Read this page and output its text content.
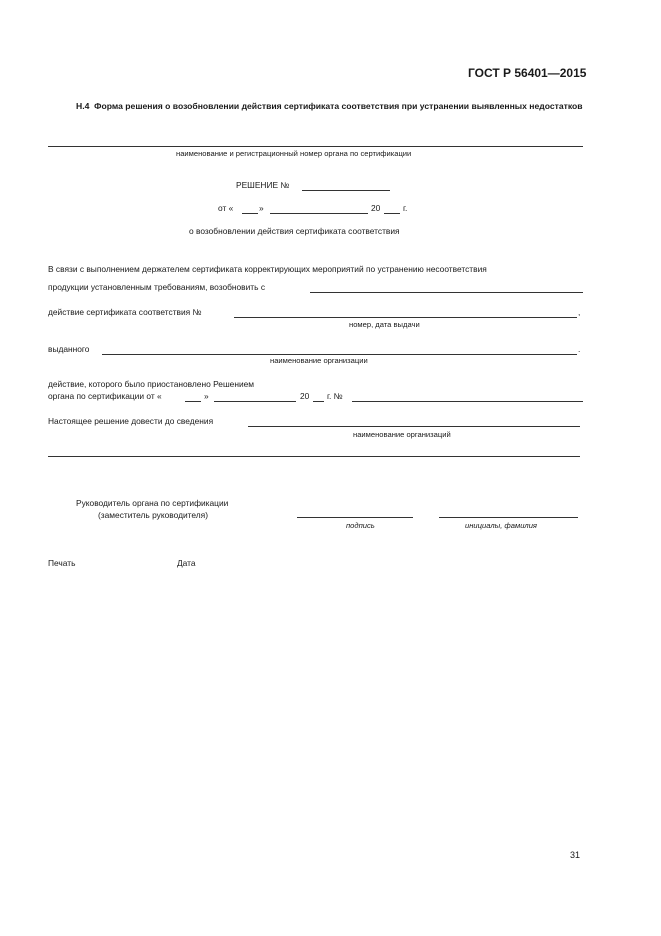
ГОСТ Р 56401—2015
Н.4 Форма решения о возобновлении действия сертификата соответствия при устранении выявленных недостатков
наименование и регистрационный номер органа по сертификации
РЕШЕНИЕ №
от «	»	20	г.
о возобновлении действия сертификата соответствия
В связи с выполнением держателем сертификата корректирующих мероприятий по устранению несоответствия
продукции установленным требованиям, возобновить с
действие сертификата соответствия №	,
номер, дата выдачи
выданного	.
наименование организации
действие, которого было приостановлено Решением
органа по сертификации от «	»	20 г. №
Настоящее решение довести до сведения
наименование организаций
Руководитель органа по сертификации
(заместитель руководителя)
подпись	инициалы, фамилия
Печать	Дата
31
